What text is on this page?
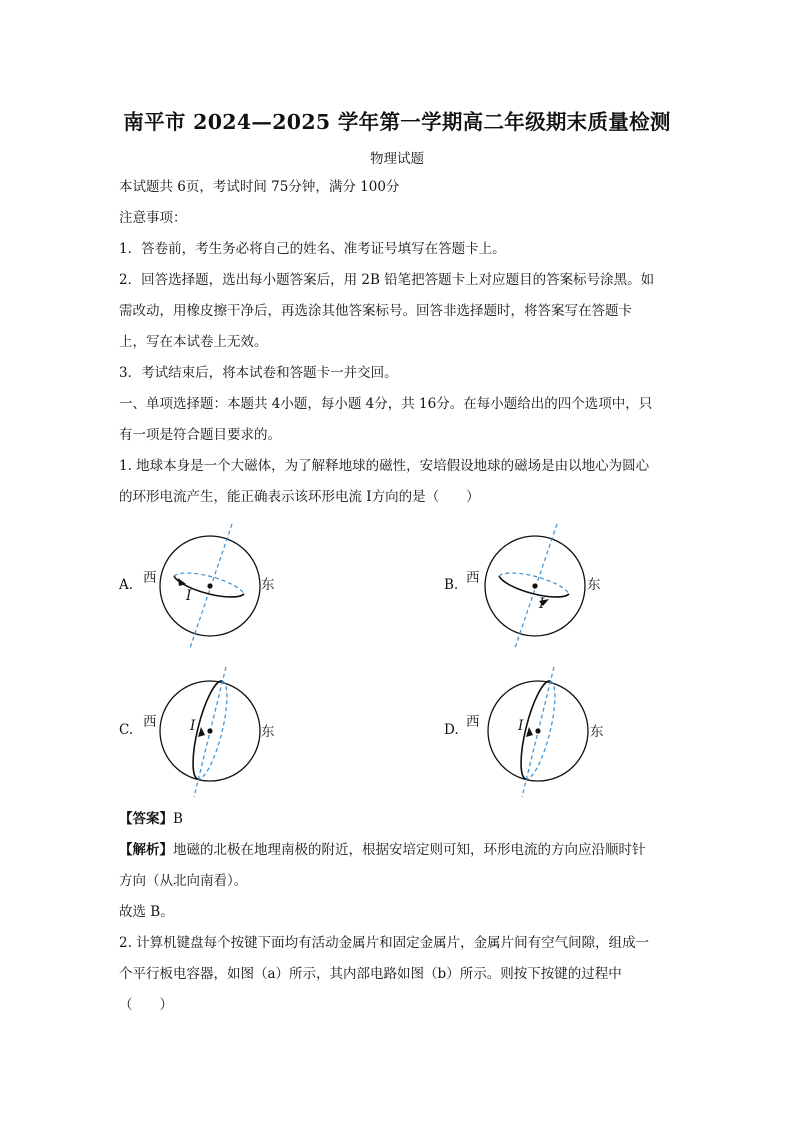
南平市 2024—2025 学年第一学期高二年级期末质量检测
物理试题
本试题共 6页，考试时间 75分钟，满分 100分
注意事项：
1．答卷前，考生务必将自己的姓名、准考证号填写在答题卡上。
2．回答选择题，选出每小题答案后，用 2B 铅笔把答题卡上对应题目的答案标号涂黑。如
需改动，用橡皮擦干净后，再选涂其他答案标号。回答非选择题时，将答案写在答题卡
上，写在本试卷上无效。
3．考试结束后，将本试卷和答题卡一并交回。
一、单项选择题：本题共 4小题，每小题 4分，共 16分。在每小题给出的四个选项中，只
有一项是符合题目要求的。
1. 地球本身是一个大磁体，为了解释地球的磁性，安培假设地球的磁场是由以地心为圆心
的环形电流产生，能正确表示该环形电流 I方向的是（　　）
A. 西	东
I
B. 西	东
I
C. 西
东
I	D. 西
东
I
【答案】B
【解析】地磁的北极在地理南极的附近，根据安培定则可知，环形电流的方向应沿顺时针
方向（从北向南看）。
故选 B。
2. 计算机键盘每个按键下面均有活动金属片和固定金属片，金属片间有空气间隙，组成一
个平行板电容器，如图（a）所示，其内部电路如图（b）所示。则按下按键的过程中
（　　）
